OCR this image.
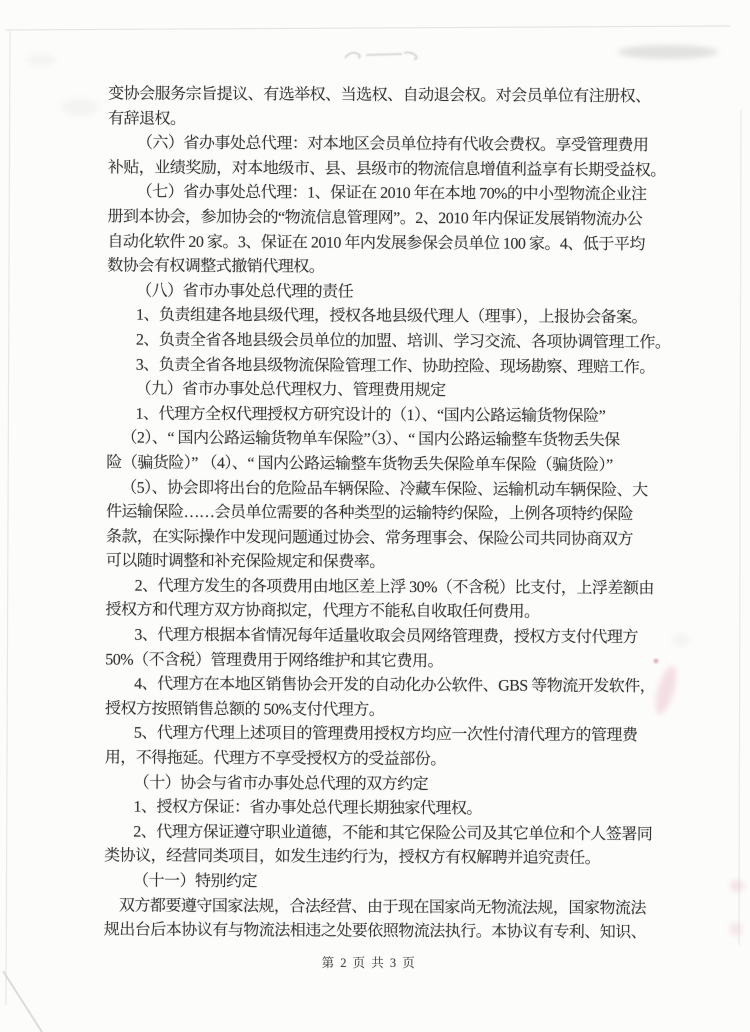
变协会服务宗旨提议、有选举权、当选权、自动退会权。对会员单位有注册权、
有辞退权。
（六）省办事处总代理：对本地区会员单位持有代收会费权。享受管理费用
补贴，业绩奖励，对本地级市、县、县级市的物流信息增值利益享有长期受益权。
（七）省办事处总代理：1、保证在 2010 年在本地 70%的中小型物流企业注
册到本协会，参加协会的“物流信息管理网”。2、2010 年内保证发展销物流办公
自动化软件 20 家。3、保证在 2010 年内发展参保会员单位 100 家。4、低于平均
数协会有权调整式撤销代理权。
（八）省市办事处总代理的责任
1、负责组建各地县级代理，授权各地县级代理人（理事），上报协会备案。
2、负责全省各地县级会员单位的加盟、培训、学习交流、各项协调管理工作。
3、负责全省各地县级物流保险管理工作、协助控险、现场勘察、理赔工作。
（九）省市办事处总代理权力、管理费用规定
1、代理方全权代理授权方研究设计的（1）、“国内公路运输货物保险”
（2）、“ 国内公路运输货物单车保险”（3）、“ 国内公路运输整车货物丢失保
险（骗货险）” （4）、“ 国内公路运输整车货物丢失保险单车保险（骗货险）”
（5）、协会即将出台的危险品车辆保险、冷藏车保险、运输机动车辆保险、大
件运输保险……会员单位需要的各种类型的运输特约保险，上例各项特约保险
条款，在实际操作中发现问题通过协会、常务理事会、保险公司共同协商双方
可以随时调整和补充保险规定和保费率。
2、代理方发生的各项费用由地区差上浮 30%（不含税）比支付，上浮差额由
授权方和代理方双方协商拟定，代理方不能私自收取任何费用。
3、代理方根据本省情况每年适量收取会员网络管理费，授权方支付代理方
50%（不含税）管理费用于网络维护和其它费用。
4、代理方在本地区销售协会开发的自动化办公软件、GBS 等物流开发软件，
授权方按照销售总额的 50%支付代理方。
5、代理方代理上述项目的管理费用授权方均应一次性付清代理方的管理费
用，不得拖延。代理方不享受授权方的受益部份。
（十）协会与省市办事处总代理的双方约定
1、授权方保证：省办事处总代理长期独家代理权。
2、代理方保证遵守职业道德，不能和其它保险公司及其它单位和个人签署同
类协议，经营同类项目，如发生违约行为，授权方有权解聘并追究责任。
（十一）特别约定
双方都要遵守国家法规，合法经营、由于现在国家尚无物流法规，国家物流法
规出台后本协议有与物流法相违之处要依照物流法执行。本协议有专利、知识、
第 2 页 共 3 页
